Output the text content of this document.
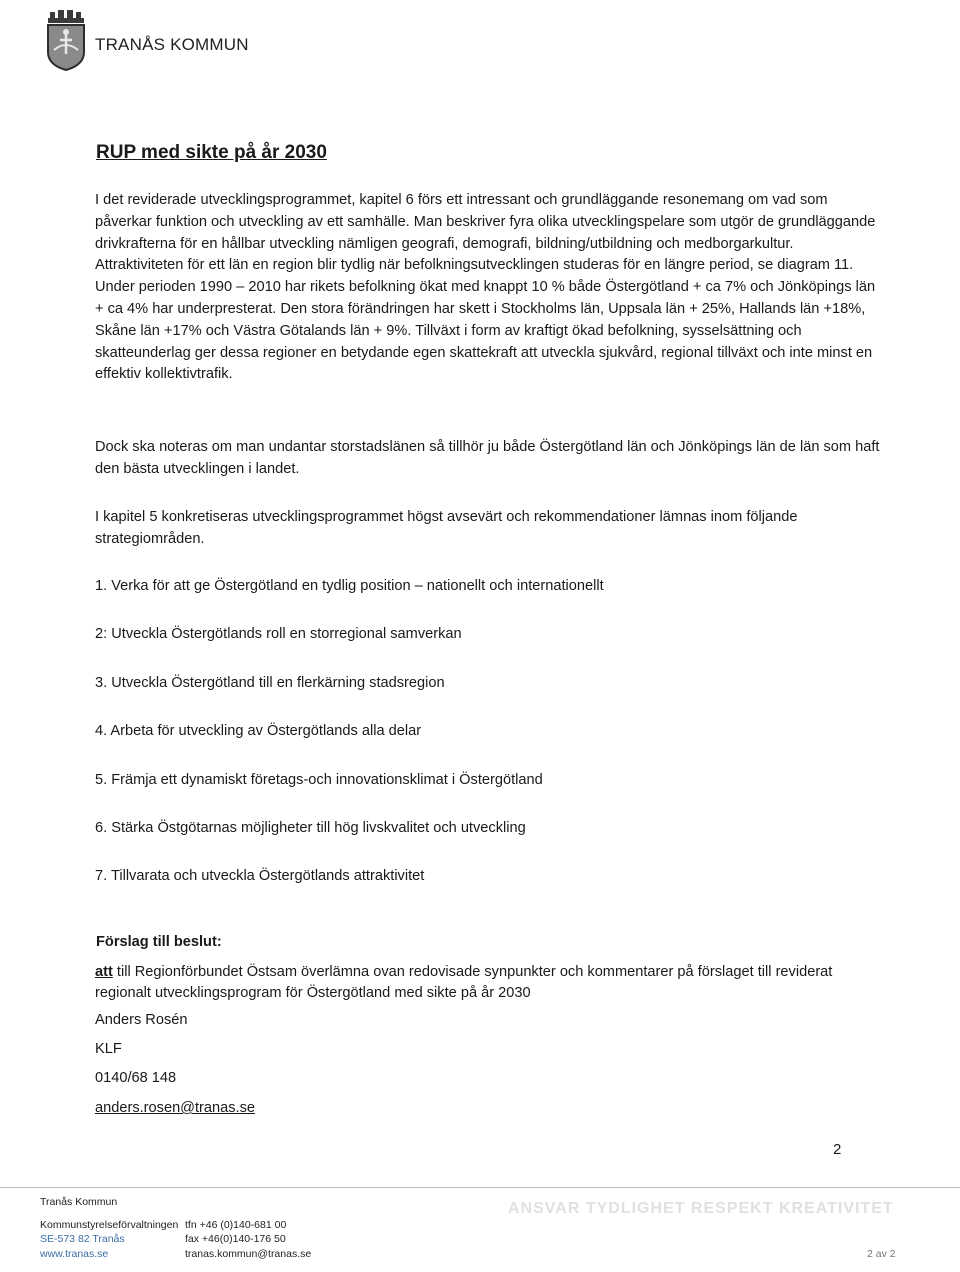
TRANÅS KOMMUN
RUP med sikte på år 2030

I det reviderade utvecklingsprogrammet, kapitel 6 förs ett intressant och grundläggande resonemang om vad som påverkar funktion och utveckling av ett samhälle. Man beskriver fyra olika utvecklingspelare som utgör de grundläggande drivkrafterna för en hållbar utveckling nämligen geografi, demografi, bildning/utbildning och medborgarkultur. Attraktiviteten för ett län en region blir tydlig när befolkningsutvecklingen studeras för en längre period, se diagram 11. Under perioden 1990 – 2010 har rikets befolkning ökat med knappt 10 % både Östergötland + ca 7% och Jönköpings län + ca 4% har underpresterat. Den stora förändringen har skett i Stockholms län, Uppsala län + 25%, Hallands län +18%, Skåne län +17% och Västra Götalands län + 9%. Tillväxt i form av kraftigt ökad befolkning, sysselsättning och skatteunderlag ger dessa regioner en betydande egen skattekraft att utveckla sjukvård, regional tillväxt och inte minst en effektiv kollektivtrafik.

Dock ska noteras om man undantar storstadslänen så tillhör ju både Östergötland län och Jönköpings län de län som haft den bästa utvecklingen i landet.

I kapitel 5 konkretiseras utvecklingsprogrammet högst avsevärt och rekommendationer lämnas inom följande strategiområden.

1. Verka för att ge Östergötland en tydlig position – nationellt och internationellt
2: Utveckla Östergötlands roll en storregional samverkan
3. Utveckla Östergötland till en flerkärning stadsregion
4. Arbeta för utveckling av Östergötlands alla delar
5. Främja ett dynamiskt företags-och innovationsklimat i Östergötland
6. Stärka Östgötarnas möjligheter till hög livskvalitet och utveckling
7. Tillvarata och utveckla Östergötlands attraktivitet
Förslag till beslut:

att till Regionförbundet Östsam överlämna ovan redovisade synpunkter och kommentarer på förslaget till reviderat regionalt utvecklingsprogram för Östergötland med sikte på år 2030

Anders Rosén
KLF
0140/68 148
anders.rosen@tranas.se
2
Tranås Kommun
Kommunstyrelseförvaltningen
SE-573 82 Tranås
www.tranas.se
tfn +46 (0)140-681 00
fax +46(0)140-176 50
tranas.kommun@tranas.se
ANSVAR TYDLIGHET RESPEKT KREATIVITET
2 av 2
